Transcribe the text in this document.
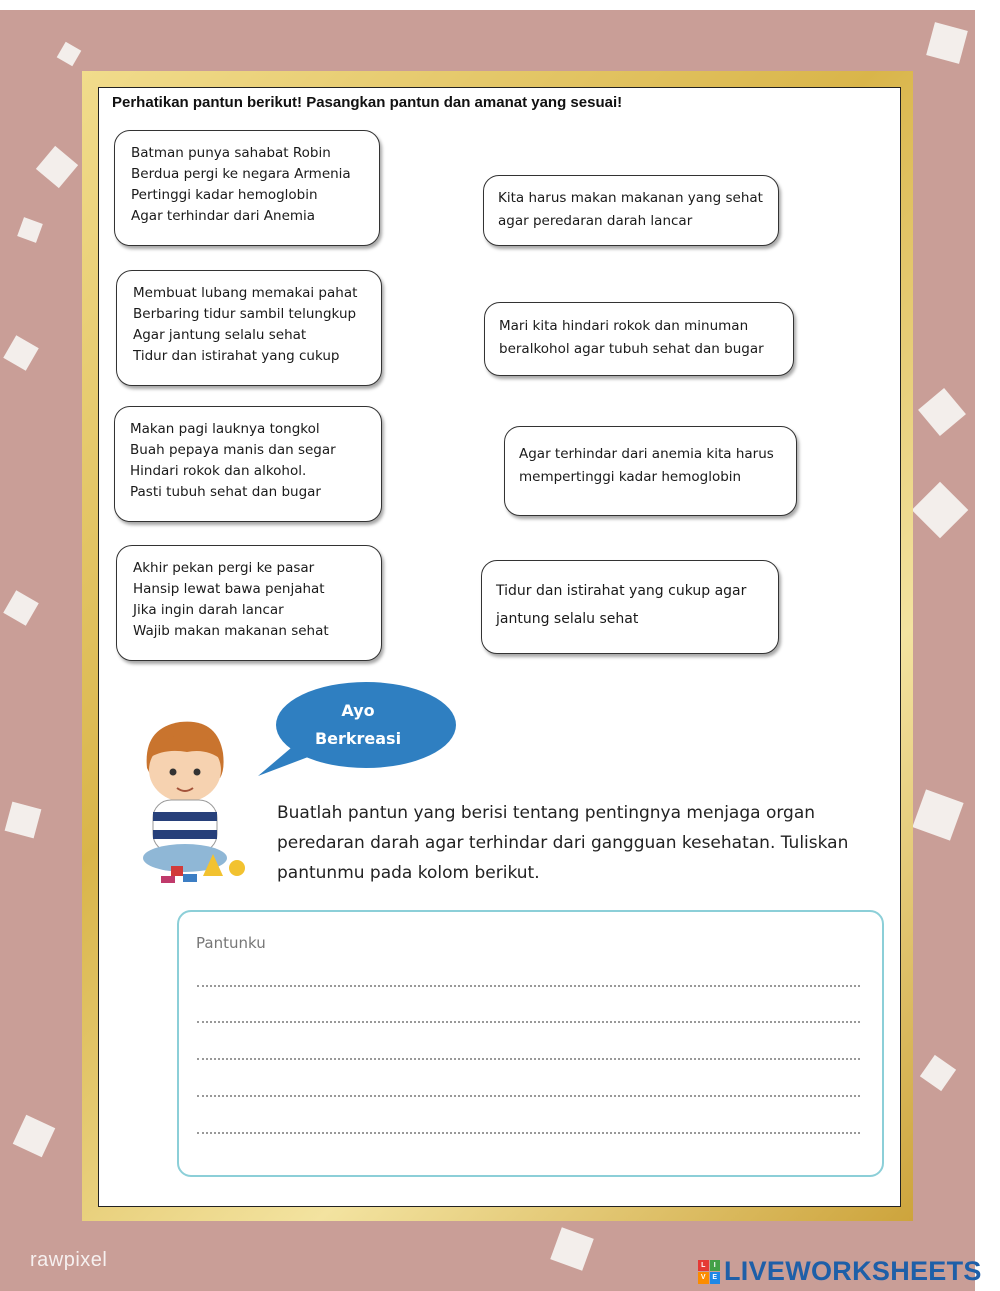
Perhatikan pantun berikut! Pasangkan pantun dan amanat yang sesuai!
Batman punya sahabat Robin
Berdua pergi ke negara Armenia
Pertinggi kadar hemoglobin
Agar terhindar dari Anemia
Membuat lubang memakai pahat
Berbaring tidur sambil telungkup
Agar jantung selalu sehat
Tidur dan istirahat yang cukup
Makan pagi lauknya tongkol
Buah pepaya manis dan segar
Hindari rokok dan alkohol.
Pasti tubuh sehat dan bugar
Akhir pekan pergi ke pasar
Hansip lewat bawa penjahat
Jika ingin darah lancar
Wajib makan makanan sehat
Kita harus makan makanan yang sehat
agar peredaran darah lancar
Mari kita hindari rokok dan minuman
beralkohol agar tubuh sehat dan bugar
Agar terhindar dari anemia kita harus
mempertinggi kadar hemoglobin
Tidur dan istirahat yang cukup agar
jantung selalu sehat
Ayo
Berkreasi
Buatlah pantun yang berisi tentang pentingnya menjaga organ
peredaran darah agar terhindar dari gangguan kesehatan. Tuliskan
pantunmu pada kolom berikut.
Pantunku
rawpixel	L	I
V E LIVEWORKSHEETS
